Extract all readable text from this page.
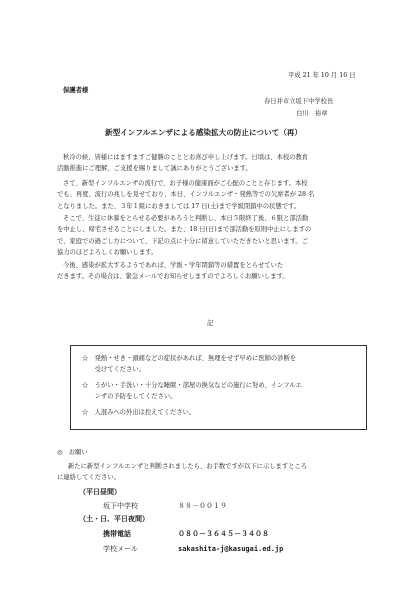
平成 21 年 10 月 16 日
保護者様
春日井市立坂下中学校長
白川　裕章
新型インフルエンザによる感染拡大の防止について（再）
秋冷の候、皆様にはますますご健勝のこととお喜び申し上げます。日頃は、本校の教育
活動推進にご理解、ご支援を賜りまして誠にありがとうございます。
さて、新型インフルエンザの流行で、お子様の健康面がご心配のことと存じます。本校
でも、再度、流行の兆しを見せており、本日、インフルエンザ・発熱等での欠席者が 28 名
となりました。また、３年１組におきましては 17 日(土)まで学級閉鎖中の状態です。
そこで、生徒に休養をとらせる必要があろうと判断し、本日５限終了後、６限と部活動
を中止し、帰宅させることにしました。また、18 日(日)まで部活動を原則中止にしますの
で、家庭での過ごし方について、下記の点に十分に留意していただきたいと思います。ご
協力のほどよろしくお願いします。
今後、感染が拡大するようであれば、学級・学年閉鎖等の措置をとらせていた
だきます。その場合は、緊急メールでお知らせしますのでよろしくお願いします。
記
☆　発熱・せき・頭痛などの症状があれば、無理をせず早めに医師の診断を
　　受けてください。
☆　うがい・手洗い・十分な睡眠・部屋の換気などの施行に努め、インフルエ
　　ンザの予防をしてください。
☆　人混みへの外出は控えてください。
◎　お願い
新たに新型インフルエンザと判断されましたら、お手数ですが以下に示しますところ
に連絡してください。
（平日昼間）
坂下中学校	８８－００１９
（土・日、平日夜間）
携帯電話	０８０－３６４５－３４０８
学校メール	sakashita-j@kasugai.ed.jp
